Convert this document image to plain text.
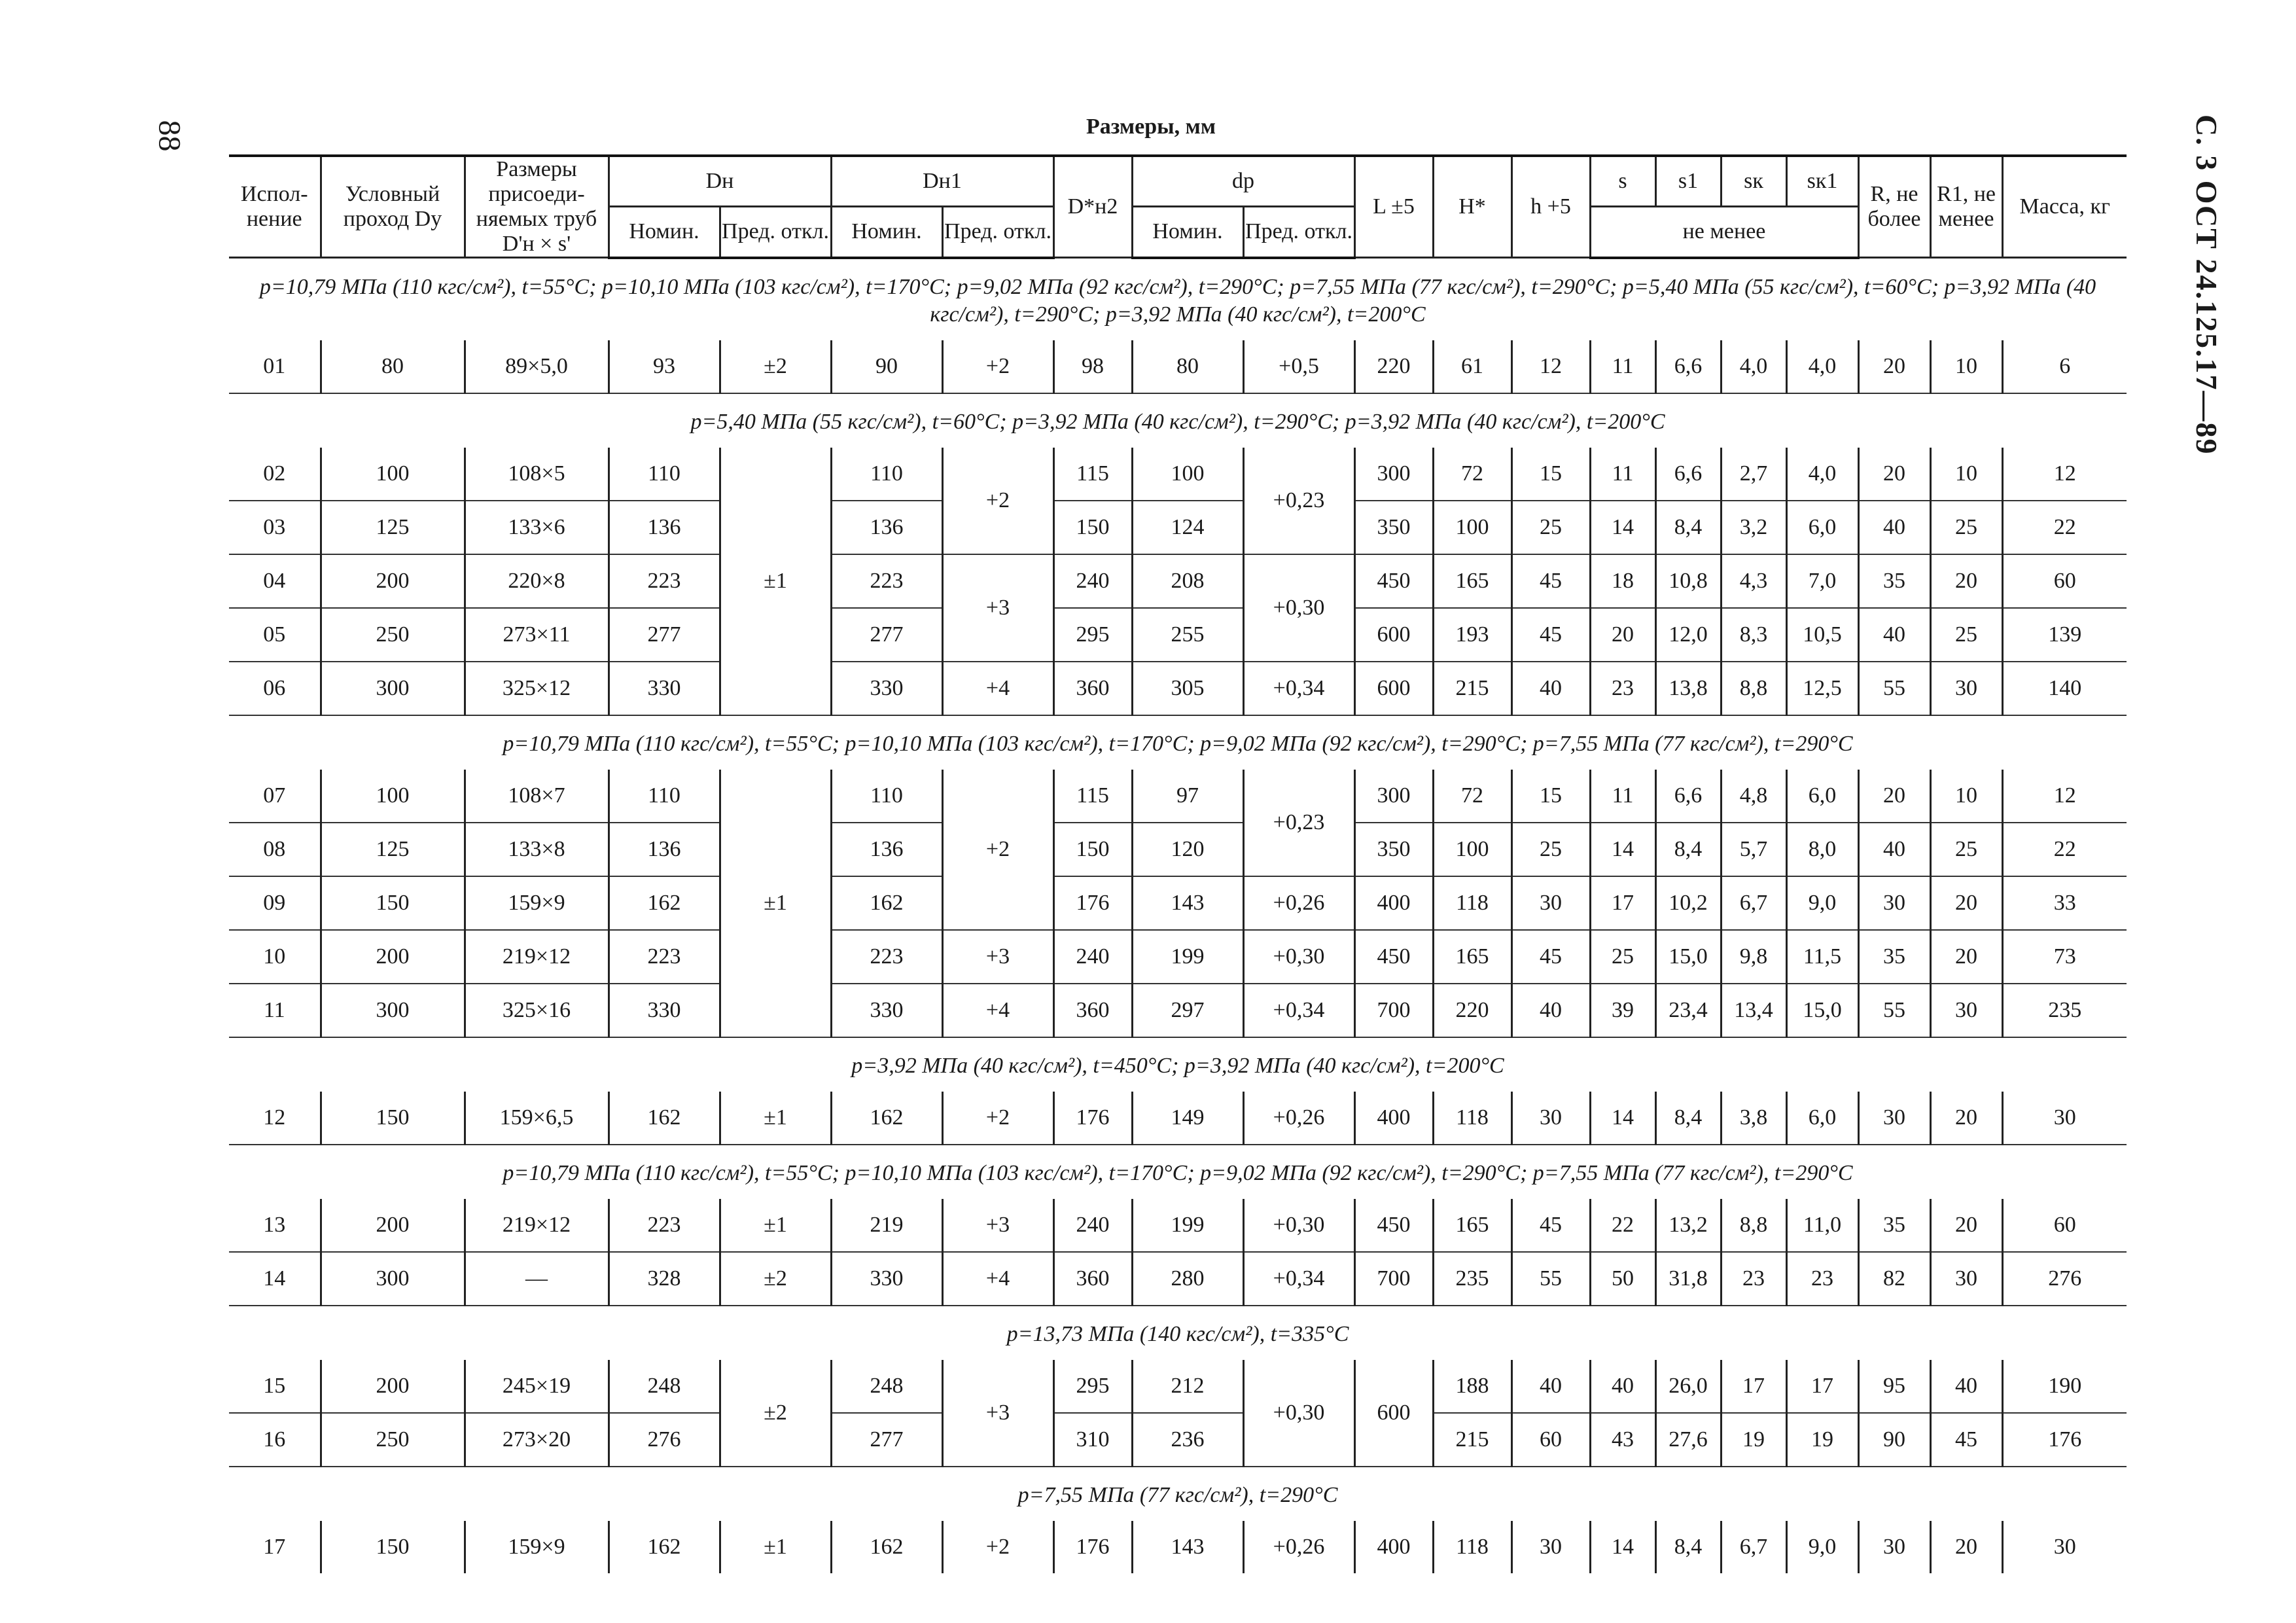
88	С. 3 ОСТ 24.125.17—89
Размеры, мм
Испол-нение	Условный проход Dу	Размеры присоеди-няемых труб D'н × s'	Dн		Dн1		D*н2	dр		L ±5	H*	h +5	s	s1	sк	sк1	R, не более	R1, не менее	Масса, кг
			Номин.	Пред. откл.	Номин.	Пред. откл.		Номин.	Пред. откл.				не менее						
p=10,79 МПа (110 кгс/см²), t=55°С; p=10,10 МПа (103 кгс/см²), t=170°С; p=9,02 МПа (92 кгс/см²), t=290°С; p=7,55 МПа (77 кгс/см²), t=290°С; p=5,40 МПа (55 кгс/см²), t=60°С; p=3,92 МПа (40 кгс/см²), t=290°С; p=3,92 МПа (40 кгс/см²), t=200°С																			
01	80	89×5,0	93	±2	90	+2	98	80	+0,5	220	61	12	11	6,6	4,0	4,0	20	10	6
p=5,40 МПа (55 кгс/см²), t=60°С; p=3,92 МПа (40 кгс/см²), t=290°С; p=3,92 МПа (40 кгс/см²), t=200°С																			
02	100	108×5	110	±1	110	+2	115	100	+0,23	300	72	15	11	6,6	2,7	4,0	20	10	12
03	125	133×6	136		136		150	124		350	100	25	14	8,4	3,2	6,0	40	25	22
04	200	220×8	223		223	+3	240	208	+0,30	450	165	45	18	10,8	4,3	7,0	35	20	60
05	250	273×11	277		277		295	255		600	193	45	20	12,0	8,3	10,5	40	25	139
06	300	325×12	330		330	+4	360	305	+0,34	600	215	40	23	13,8	8,8	12,5	55	30	140
p=10,79 МПа (110 кгс/см²), t=55°С; p=10,10 МПа (103 кгс/см²), t=170°С; p=9,02 МПа (92 кгс/см²), t=290°С; p=7,55 МПа (77 кгс/см²), t=290°С																			
07	100	108×7	110	±1	110	+2	115	97	+0,23	300	72	15	11	6,6	4,8	6,0	20	10	12
08	125	133×8	136		136		150	120		350	100	25	14	8,4	5,7	8,0	40	25	22
09	150	159×9	162		162		176	143	+0,26	400	118	30	17	10,2	6,7	9,0	30	20	33
10	200	219×12	223		223	+3	240	199	+0,30	450	165	45	25	15,0	9,8	11,5	35	20	73
11	300	325×16	330		330	+4	360	297	+0,34	700	220	40	39	23,4	13,4	15,0	55	30	235
p=3,92 МПа (40 кгс/см²), t=450°С; p=3,92 МПа (40 кгс/см²), t=200°С																			
12	150	159×6,5	162	±1	162	+2	176	149	+0,26	400	118	30	14	8,4	3,8	6,0	30	20	30
p=10,79 МПа (110 кгс/см²), t=55°С; p=10,10 МПа (103 кгс/см²), t=170°С; p=9,02 МПа (92 кгс/см²), t=290°С; p=7,55 МПа (77 кгс/см²), t=290°С																			
13	200	219×12	223	±1	219	+3	240	199	+0,30	450	165	45	22	13,2	8,8	11,0	35	20	60
14	300	—	328	±2	330	+4	360	280	+0,34	700	235	55	50	31,8	23	23	82	30	276
p=13,73 МПа (140 кгс/см²), t=335°С																			
15	200	245×19	248	±2	248	+3	295	212	+0,30	600	188	40	40	26,0	17	17	95	40	190
16	250	273×20	276		277		310	236			215	60	43	27,6	19	19	90	45	176
p=7,55 МПа (77 кгс/см²), t=290°С																			
17	150	159×9	162	±1	162	+2	176	143	+0,26	400	118	30	14	8,4	6,7	9,0	30	20	30
